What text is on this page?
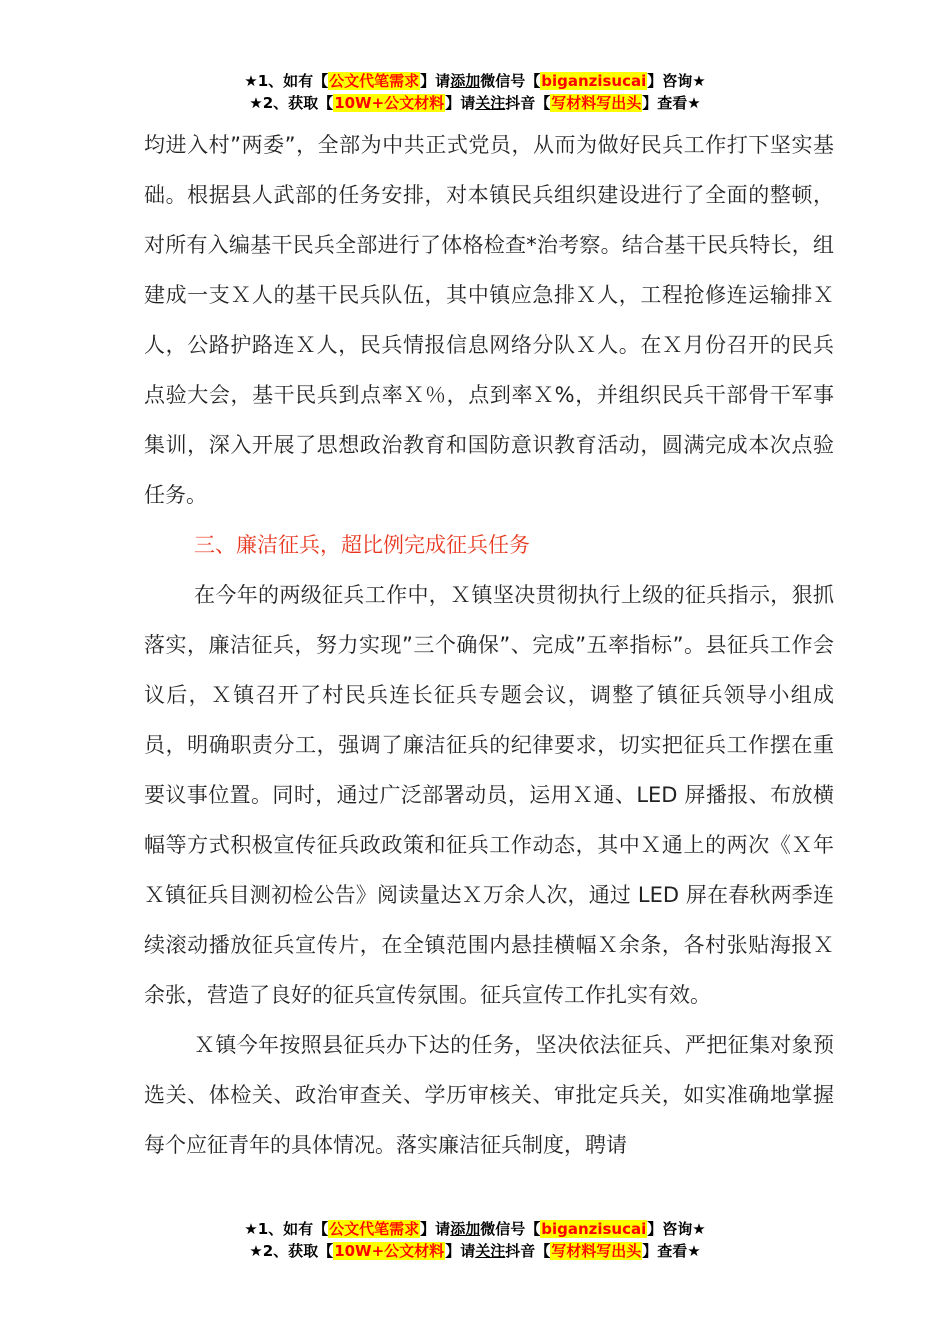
★1、如有【公文代笔需求】请添加微信号【biganzisucai】咨询★
★2、获取【10W+公文材料】请关注抖音【写材料写出头】查看★

均进入村”两委”，全部为中共正式党员，从而为做好民兵工作打下坚实基础。根据县人武部的任务安排，对本镇民兵组织建设进行了全面的整顿，对所有入编基干民兵全部进行了体格检查*治考察。结合基干民兵特长，组建成一支Ｘ人的基干民兵队伍，其中镇应急排Ｘ人，工程抢修连运输排Ｘ人，公路护路连Ｘ人，民兵情报信息网络分队Ｘ人。在Ｘ月份召开的民兵点验大会，基干民兵到点率Ｘ％，点到率Ｘ%，并组织民兵干部骨干军事集训，深入开展了思想政治教育和国防意识教育活动，圆满完成本次点验任务。

三、廉洁征兵，超比例完成征兵任务

在今年的两级征兵工作中，Ｘ镇坚决贯彻执行上级的征兵指示，狠抓落实，廉洁征兵，努力实现”三个确保”、完成”五率指标”。县征兵工作会议后，Ｘ镇召开了村民兵连长征兵专题会议，调整了镇征兵领导小组成员，明确职责分工，强调了廉洁征兵的纪律要求，切实把征兵工作摆在重要议事位置。同时，通过广泛部署动员，运用Ｘ通、LED 屏播报、布放横幅等方式积极宣传征兵政政策和征兵工作动态，其中Ｘ通上的两次《Ｘ年Ｘ镇征兵目测初检公告》阅读量达Ｘ万余人次，通过 LED 屏在春秋两季连续滚动播放征兵宣传片，在全镇范围内悬挂横幅Ｘ余条，各村张贴海报Ｘ余张，营造了良好的征兵宣传氛围。征兵宣传工作扎实有效。

Ｘ镇今年按照县征兵办下达的任务，坚决依法征兵、严把征集对象预选关、体检关、政治审查关、学历审核关、审批定兵关，如实准确地掌握每个应征青年的具体情况。落实廉洁征兵制度，聘请

★1、如有【公文代笔需求】请添加微信号【biganzisucai】咨询★
★2、获取【10W+公文材料】请关注抖音【写材料写出头】查看★
